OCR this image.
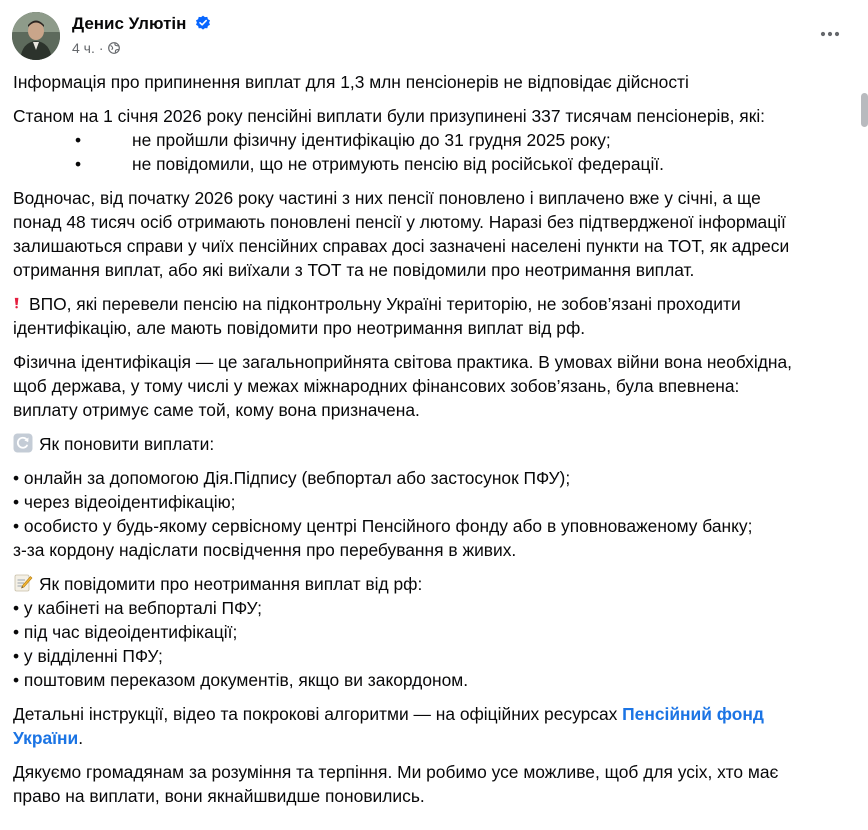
Денис Улютін
4 ч. ·

Інформація про припинення виплат для 1,3 млн пенсіонерів не відповідає дійсності

Станом на 1 січня 2026 року пенсійні виплати були призупинені 337 тисячам пенсіонерів, які:
•	не пройшли фізичну ідентифікацію до 31 грудня 2025 року;
•	не повідомили, що не отримують пенсію від російської федерації.

Водночас, від початку 2026 року частині з них пенсії поновлено і виплачено вже у січні, а ще
понад 48 тисяч осіб отримають поновлені пенсії у лютому. Наразі без підтвердженої інформації
залишаються справи у чиїх пенсійних справах досі зазначені населені пункти на ТОТ, як адреси
отримання виплат, або які виїхали з ТОТ та не повідомили про неотримання виплат.

ВПО, які перевели пенсію на підконтрольну Україні територію, не зобов’язані проходити
ідентифікацію, але мають повідомити про неотримання виплат від рф.

Фізична ідентифікація — це загальноприйнята світова практика. В умовах війни вона необхідна,
щоб держава, у тому числі у межах міжнародних фінансових зобов’язань, була впевнена:
виплату отримує саме той, кому вона призначена.

Як поновити виплати:

• онлайн за допомогою Дія.Підпису (вебпортал або застосунок ПФУ);
• через відеоідентифікацію;
• особисто у будь-якому сервісному центрі Пенсійного фонду або в уповноваженому банку;
з-за кордону надіслати посвідчення про перебування в живих.

Як повідомити про неотримання виплат від рф:
• у кабінеті на вебпорталі ПФУ;
• під час відеоідентифікації;
• у відділенні ПФУ;
• поштовим переказом документів, якщо ви закордоном.

Детальні інструкції, відео та покрокові алгоритми — на офіційних ресурсах Пенсійний фонд
України.

Дякуємо громадянам за розуміння та терпіння. Ми робимо усе можливе, щоб для усіх, хто має
право на виплати, вони якнайшвидше поновились.
